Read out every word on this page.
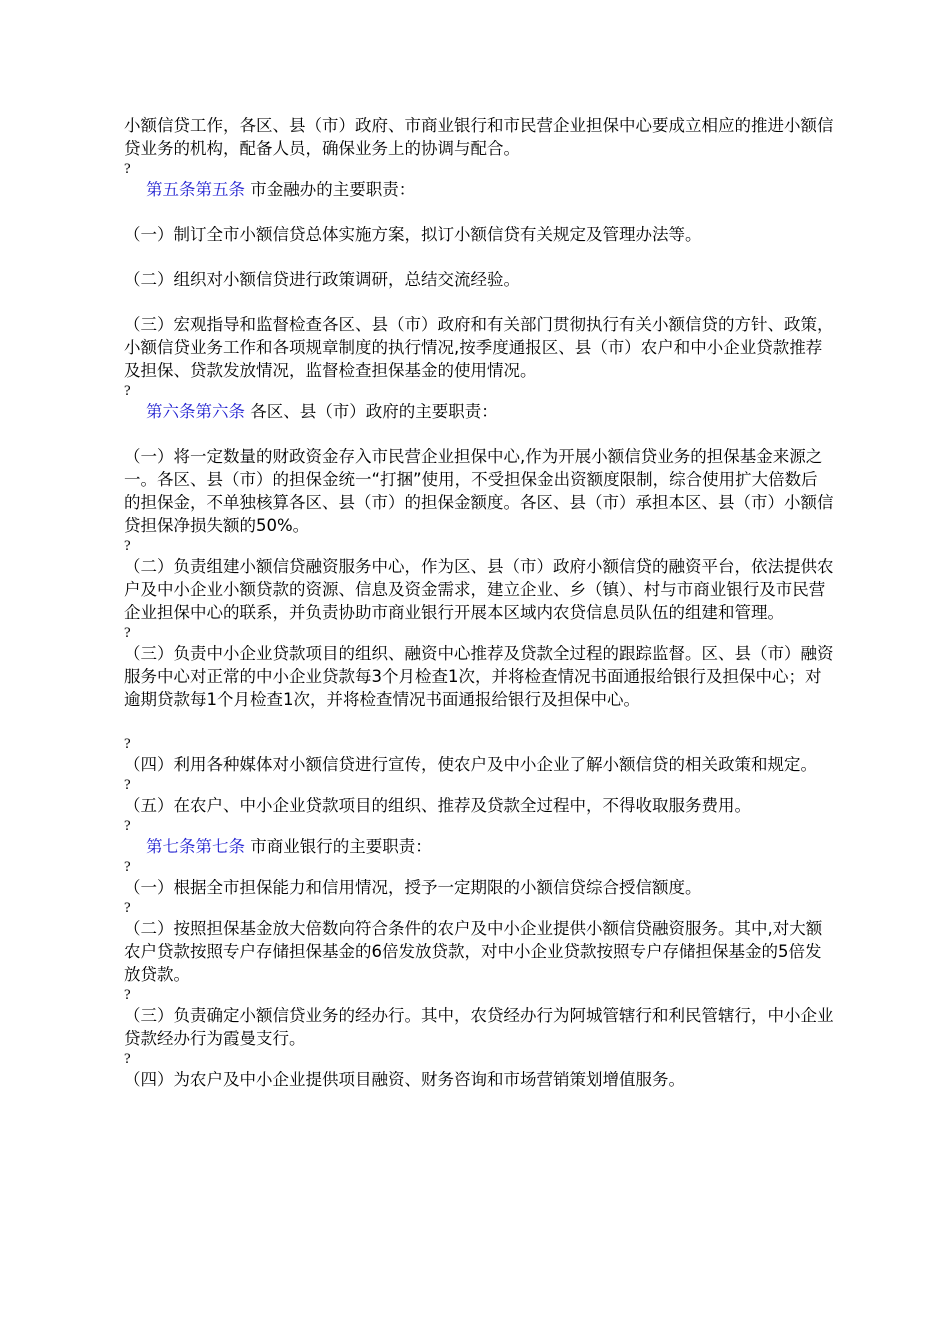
小额信贷工作，各区、县（市）政府、市商业银行和市民营企业担保中心要成立相应的推进小额信贷业务的机构，配备人员，确保业务上的协调与配合。

?

第五条第五条 市金融办的主要职责：

（一）制订全市小额信贷总体实施方案，拟订小额信贷有关规定及管理办法等。

（二）组织对小额信贷进行政策调研，总结交流经验。

（三）宏观指导和监督检查各区、县（市）政府和有关部门贯彻执行有关小额信贷的方针、政策，小额信贷业务工作和各项规章制度的执行情况,按季度通报区、县（市）农户和中小企业贷款推荐及担保、贷款发放情况，监督检查担保基金的使用情况。

?

第六条第六条 各区、县（市）政府的主要职责：

（一）将一定数量的财政资金存入市民营企业担保中心,作为开展小额信贷业务的担保基金来源之一。各区、县（市）的担保金统一“打捆”使用，不受担保金出资额度限制，综合使用扩大倍数后的担保金，不单独核算各区、县（市）的担保金额度。各区、县（市）承担本区、县（市）小额信贷担保净损失额的50%。

?

（二）负责组建小额信贷融资服务中心，作为区、县（市）政府小额信贷的融资平台，依法提供农户及中小企业小额贷款的资源、信息及资金需求，建立企业、乡（镇）、村与市商业银行及市民营企业担保中心的联系，并负责协助市商业银行开展本区域内农贷信息员队伍的组建和管理。

?

（三）负责中小企业贷款项目的组织、融资中心推荐及贷款全过程的跟踪监督。区、县（市）融资服务中心对正常的中小企业贷款每3个月检查1次，并将检查情况书面通报给银行及担保中心；对逾期贷款每1个月检查1次，并将检查情况书面通报给银行及担保中心。

?

（四）利用各种媒体对小额信贷进行宣传，使农户及中小企业了解小额信贷的相关政策和规定。

?

（五）在农户、中小企业贷款项目的组织、推荐及贷款全过程中，不得收取服务费用。

?

第七条第七条 市商业银行的主要职责：

?

（一）根据全市担保能力和信用情况，授予一定期限的小额信贷综合授信额度。

?

（二）按照担保基金放大倍数向符合条件的农户及中小企业提供小额信贷融资服务。其中,对大额农户贷款按照专户存储担保基金的6倍发放贷款，对中小企业贷款按照专户存储担保基金的5倍发放贷款。

?

（三）负责确定小额信贷业务的经办行。其中，农贷经办行为阿城管辖行和利民管辖行，中小企业贷款经办行为霞曼支行。

?

（四）为农户及中小企业提供项目融资、财务咨询和市场营销策划增值服务。
